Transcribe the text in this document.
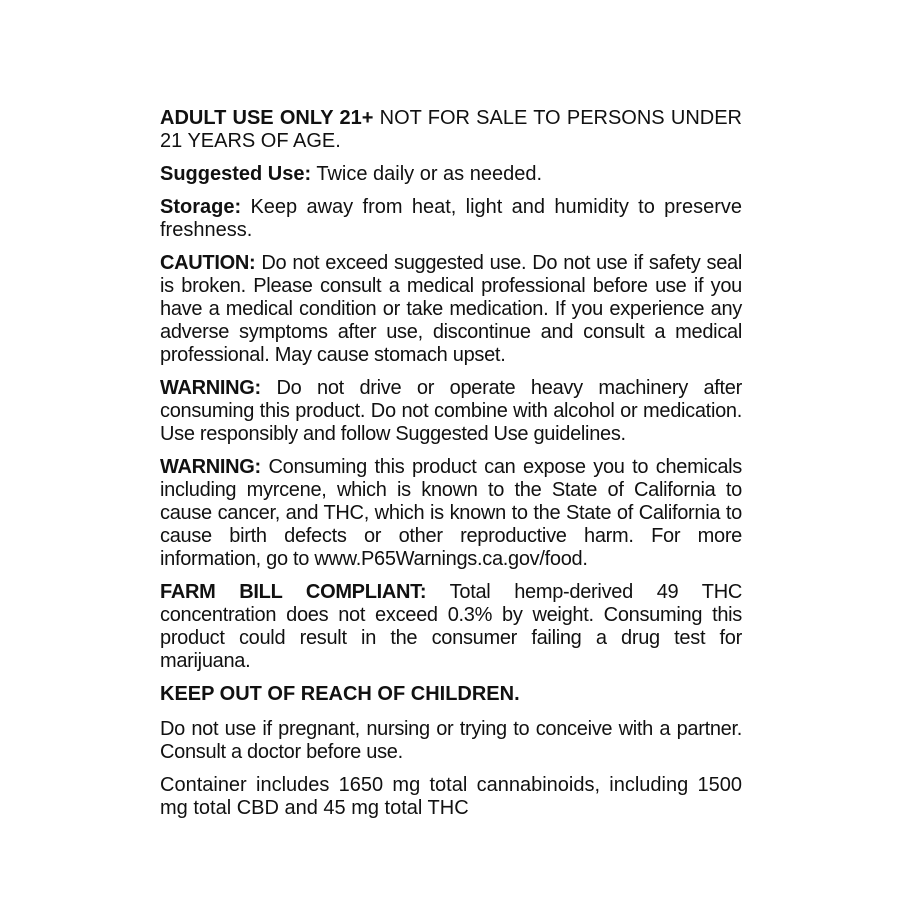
ADULT USE ONLY 21+ NOT FOR SALE TO PERSONS UNDER 21 YEARS OF AGE.

Suggested Use: Twice daily or as needed.

Storage: Keep away from heat, light and humidity to preserve freshness.

CAUTION: Do not exceed suggested use. Do not use if safety seal is broken. Please consult a medical professional before use if you have a medical condition or take medication. If you experience any adverse symptoms after use, discontinue and consult a medical professional. May cause stomach upset.

WARNING: Do not drive or operate heavy machinery after consuming this product. Do not combine with alcohol or medication. Use responsibly and follow Suggested Use guidelines.

WARNING: Consuming this product can expose you to chemicals including myrcene, which is known to the State of California to cause cancer, and THC, which is known to the State of California to cause birth defects or other reproductive harm. For more information, go to www.P65Warnings.ca.gov/food.

FARM BILL COMPLIANT: Total hemp-derived 49 THC concentration does not exceed 0.3% by weight. Consuming this product could result in the consumer failing a drug test for marijuana.

KEEP OUT OF REACH OF CHILDREN.

Do not use if pregnant, nursing or trying to conceive with a partner. Consult a doctor before use.

Container includes 1650 mg total cannabinoids, including 1500 mg total CBD and 45 mg total THC
